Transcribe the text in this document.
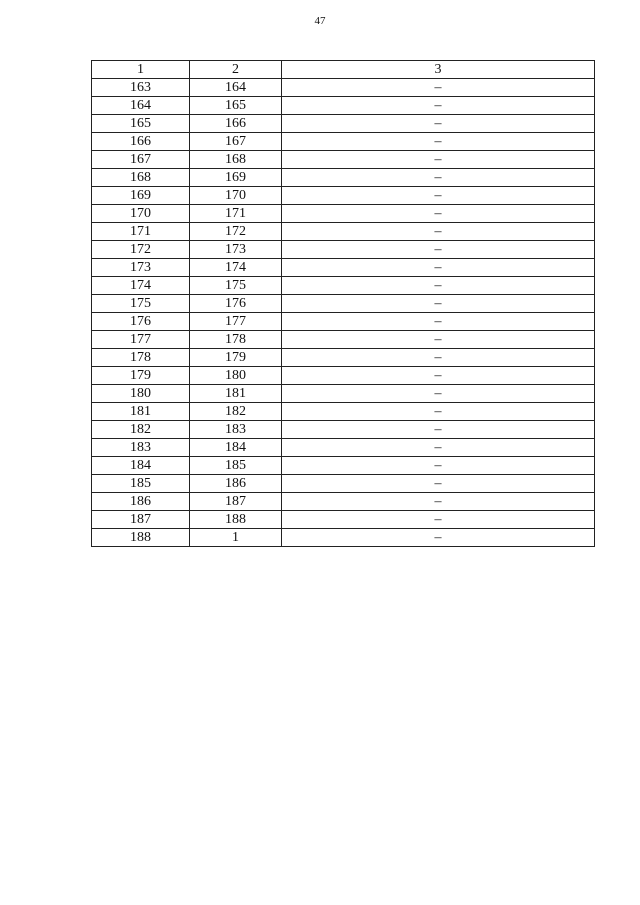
47
1	2	3
163	164	–
164	165	–
165	166	–
166	167	–
167	168	–
168	169	–
169	170	–
170	171	–
171	172	–
172	173	–
173	174	–
174	175	–
175	176	–
176	177	–
177	178	–
178	179	–
179	180	–
180	181	–
181	182	–
182	183	–
183	184	–
184	185	–
185	186	–
186	187	–
187	188	–
188	1	–
